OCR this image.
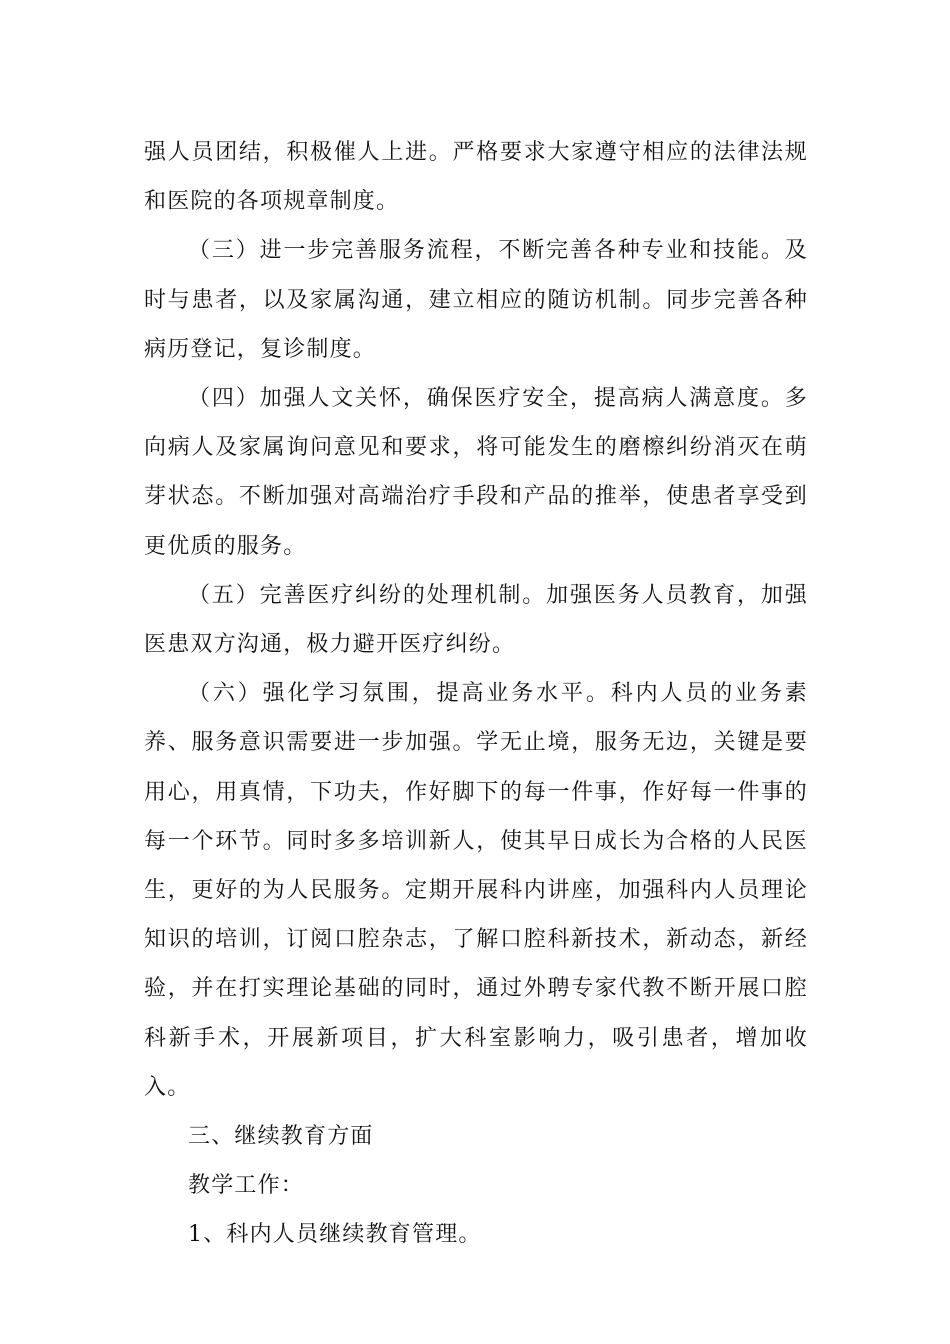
强人员团结，积极催人上进。严格要求大家遵守相应的法律法规和医院的各项规章制度。

（三）进一步完善服务流程，不断完善各种专业和技能。及时与患者，以及家属沟通，建立相应的随访机制。同步完善各种病历登记，复诊制度。

（四）加强人文关怀，确保医疗安全，提高病人满意度。多向病人及家属询问意见和要求，将可能发生的磨檫纠纷消灭在萌芽状态。不断加强对高端治疗手段和产品的推举，使患者享受到更优质的服务。

（五）完善医疗纠纷的处理机制。加强医务人员教育，加强医患双方沟通，极力避开医疗纠纷。

（六）强化学习氛围，提高业务水平。科内人员的业务素养、服务意识需要进一步加强。学无止境，服务无边，关键是要用心，用真情，下功夫，作好脚下的每一件事，作好每一件事的每一个环节。同时多多培训新人，使其早日成长为合格的人民医生，更好的为人民服务。定期开展科内讲座，加强科内人员理论知识的培训，订阅口腔杂志，了解口腔科新技术，新动态，新经验，并在打实理论基础的同时，通过外聘专家代教不断开展口腔科新手术，开展新项目，扩大科室影响力，吸引患者，增加收入。

三、继续教育方面

教学工作：

1、科内人员继续教育管理。
